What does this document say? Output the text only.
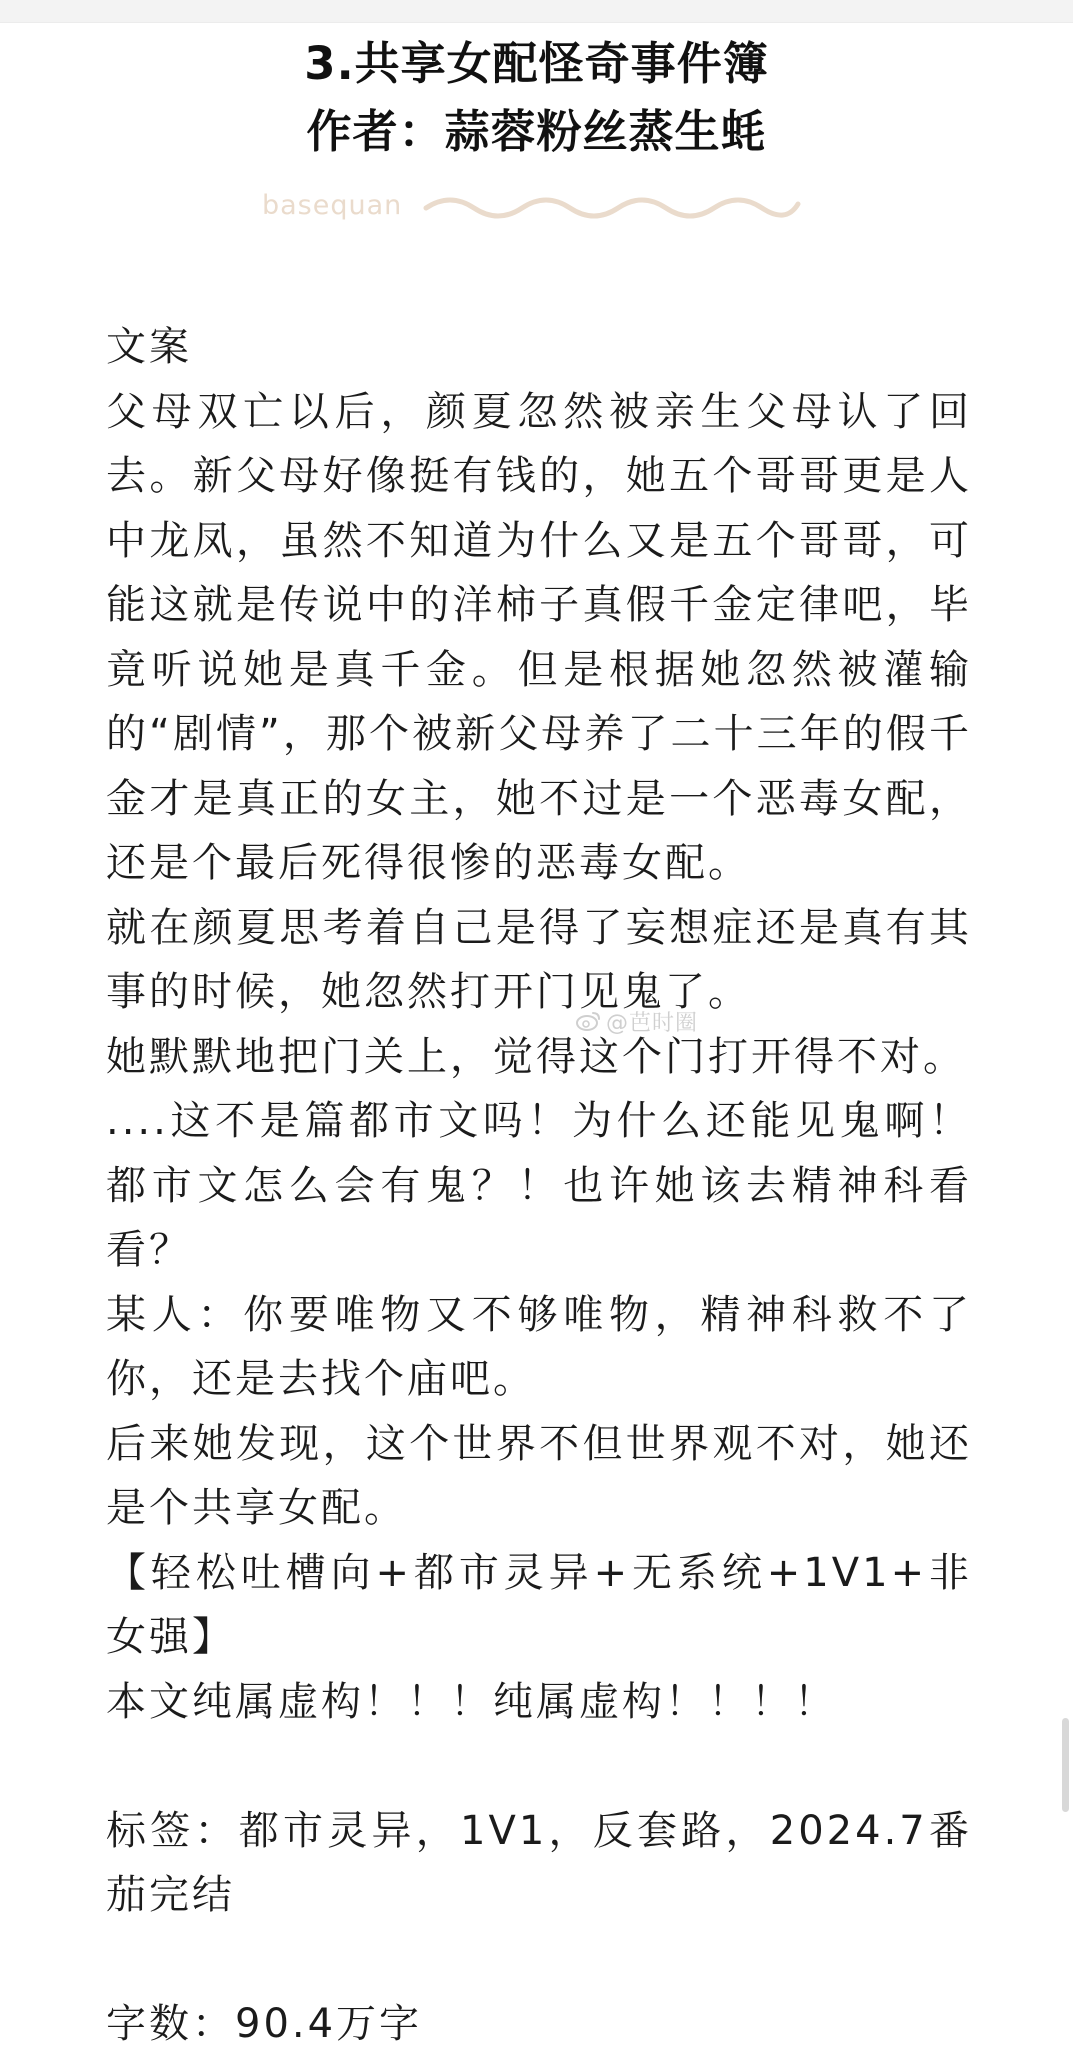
3.共享女配怪奇事件簿
作者：蒜蓉粉丝蒸生蚝
basequan

文案

父母双亡以后，颜夏忽然被亲生父母认了回去。新父母好像挺有钱的，她五个哥哥更是人中龙凤，虽然不知道为什么又是五个哥哥，可能这就是传说中的洋柿子真假千金定律吧，毕竟听说她是真千金。但是根据她忽然被灌输的“剧情”，那个被新父母养了二十三年的假千金才是真正的女主，她不过是一个恶毒女配，还是个最后死得很惨的恶毒女配。

就在颜夏思考着自己是得了妄想症还是真有其事的时候，她忽然打开门见鬼了。

她默默地把门关上，觉得这个门打开得不对。

....这不是篇都市文吗！为什么还能见鬼啊！都市文怎么会有鬼？！也许她该去精神科看看？

某人：你要唯物又不够唯物，精神科救不了你，还是去找个庙吧。

后来她发现，这个世界不但世界观不对，她还是个共享女配。

【轻松吐槽向+都市灵异+无系统+1V1+非女强】

本文纯属虚构！！！纯属虚构！！！！

标签：都市灵异，1V1，反套路，2024.7番茄完结

字数：90.4万字

@芭时圈
